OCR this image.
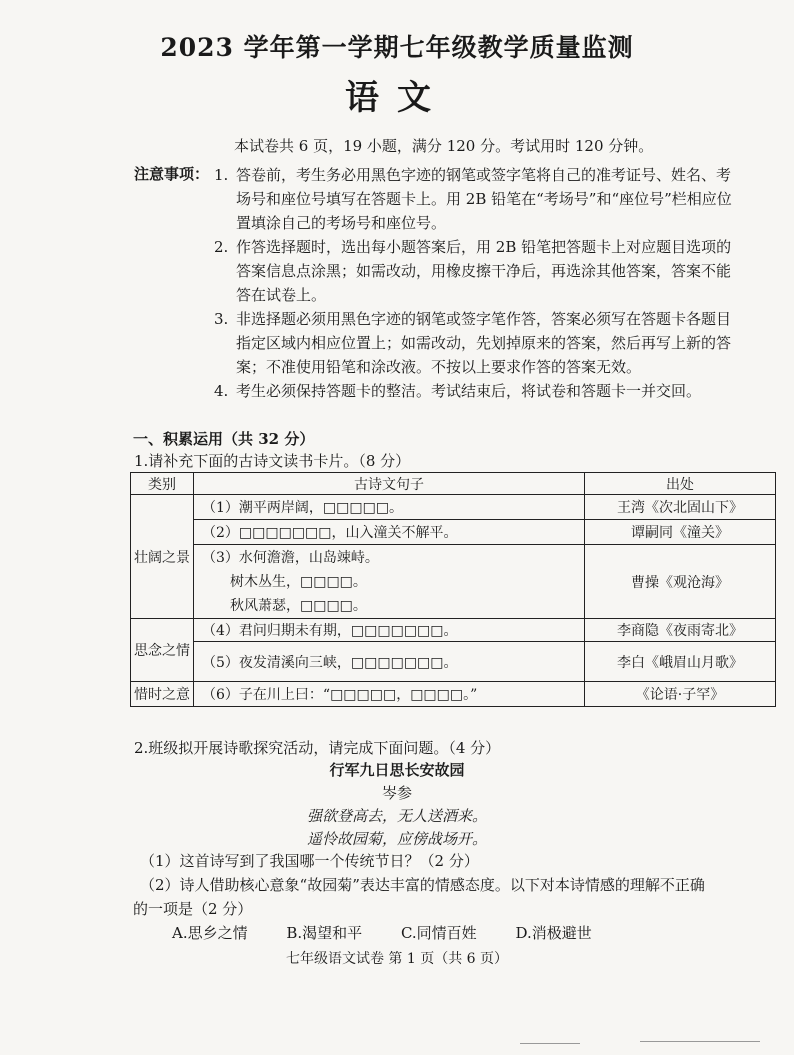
2023 学年第一学期七年级教学质量监测
语文
本试卷共 6 页，19 小题，满分 120 分。考试用时 120 分钟。
注意事项： 1. 答卷前，考生务必用黑色字迹的钢笔或签字笔将自己的准考证号、姓名、考场号和座位号填写在答题卡上。用 2B 铅笔在“考场号”和“座位号”栏相应位置填涂自己的考场号和座位号。
2. 作答选择题时，选出每小题答案后，用 2B 铅笔把答题卡上对应题目选项的答案信息点涂黑；如需改动，用橡皮擦干净后，再选涂其他答案，答案不能答在试卷上。
3. 非选择题必须用黑色字迹的钢笔或签字笔作答，答案必须写在答题卡各题目指定区域内相应位置上；如需改动，先划掉原来的答案，然后再写上新的答案；不准使用铅笔和涂改液。不按以上要求作答的答案无效。
4. 考生必须保持答题卡的整洁。考试结束后，将试卷和答题卡一并交回。
一、积累运用（共 32 分）
1.请补充下面的古诗文读书卡片。（8 分）
类别	古诗文句子	出处
壮阔之景	（1）潮平两岸阔，□□□□□。	王湾《次北固山下》
	（2）□□□□□□□，山入潼关不解平。	谭嗣同《潼关》

	（3）水何澹澹，山岛竦峙。
树木丛生，□□□□。
秋风萧瑟，□□□□。	曹操《观沧海》
思念之情	（4）君问归期未有期，□□□□□□□。	李商隐《夜雨寄北》
	（5）夜发清溪向三峡，□□□□□□□。	李白《峨眉山月歌》
惜时之意	（6）子在川上曰：“□□□□□，□□□□。”	《论语·子罕》
2.班级拟开展诗歌探究活动，请完成下面问题。（4 分）
行军九日思长安故园
岑参
强欲登高去，无人送酒来。
遥怜故园菊，应傍战场开。
（1）这首诗写到了我国哪一个传统节日？（2 分）
（2）诗人借助核心意象“故园菊”表达丰富的情感态度。以下对本诗情感的理解不正确
的一项是（2 分）
A.思乡之情	B.渴望和平	C.同情百姓	D.消极避世
七年级语文试卷 第 1 页（共 6 页）
